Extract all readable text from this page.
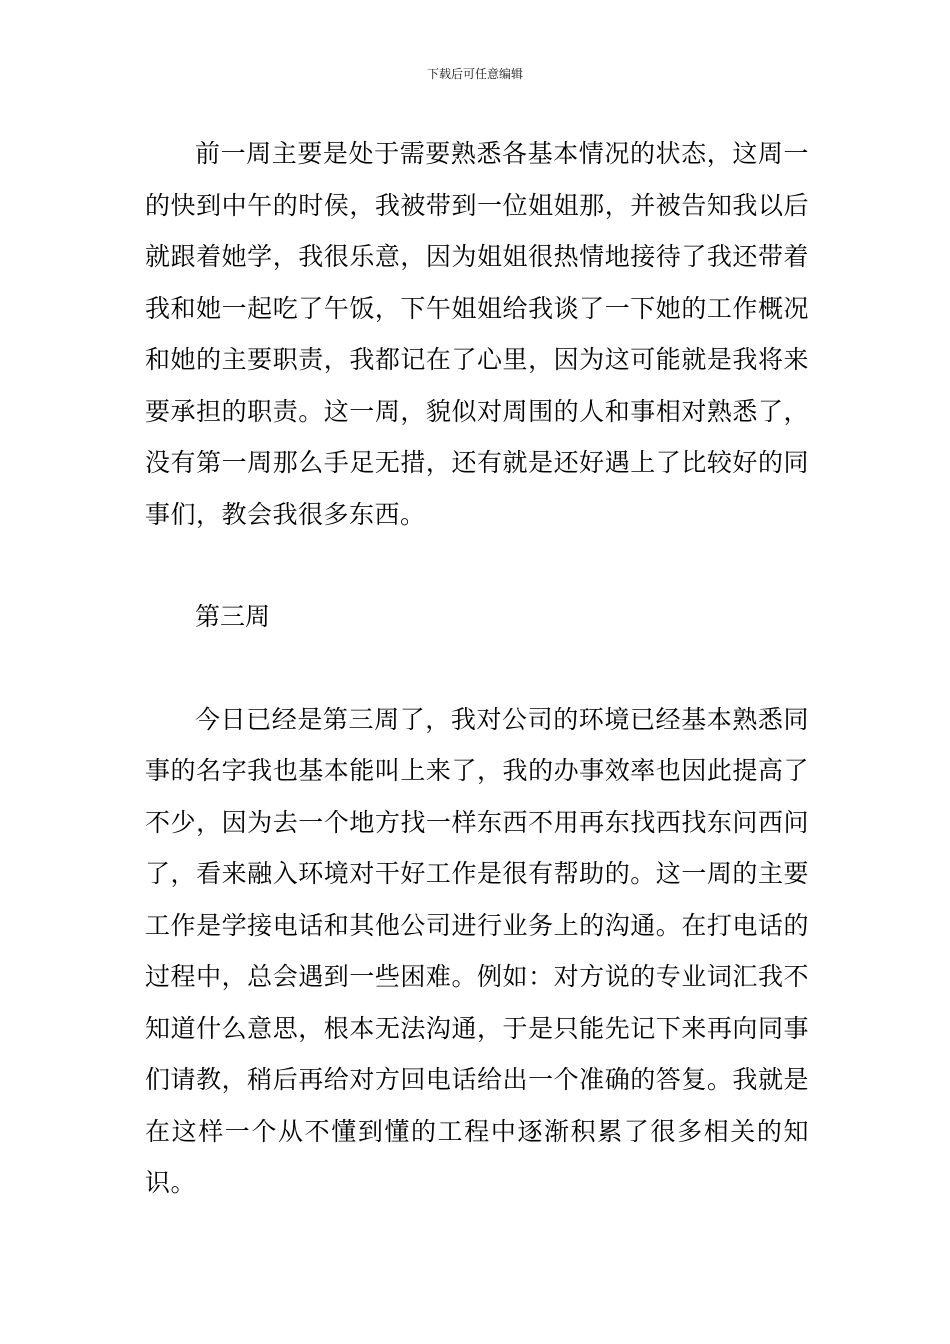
下载后可任意编辑

前一周主要是处于需要熟悉各基本情况的状态，这周一的快到中午的时侯，我被带到一位姐姐那，并被告知我以后就跟着她学，我很乐意，因为姐姐很热情地接待了我还带着我和她一起吃了午饭，下午姐姐给我谈了一下她的工作概况和她的主要职责，我都记在了心里，因为这可能就是我将来要承担的职责。这一周，貌似对周围的人和事相对熟悉了，没有第一周那么手足无措，还有就是还好遇上了比较好的同事们，教会我很多东西。

第三周

今日已经是第三周了，我对公司的环境已经基本熟悉同事的名字我也基本能叫上来了，我的办事效率也因此提高了不少，因为去一个地方找一样东西不用再东找西找东问西问了，看来融入环境对干好工作是很有帮助的。这一周的主要工作是学接电话和其他公司进行业务上的沟通。在打电话的过程中，总会遇到一些困难。例如：对方说的专业词汇我不知道什么意思，根本无法沟通，于是只能先记下来再向同事们请教，稍后再给对方回电话给出一个准确的答复。我就是在这样一个从不懂到懂的工程中逐渐积累了很多相关的知识。
